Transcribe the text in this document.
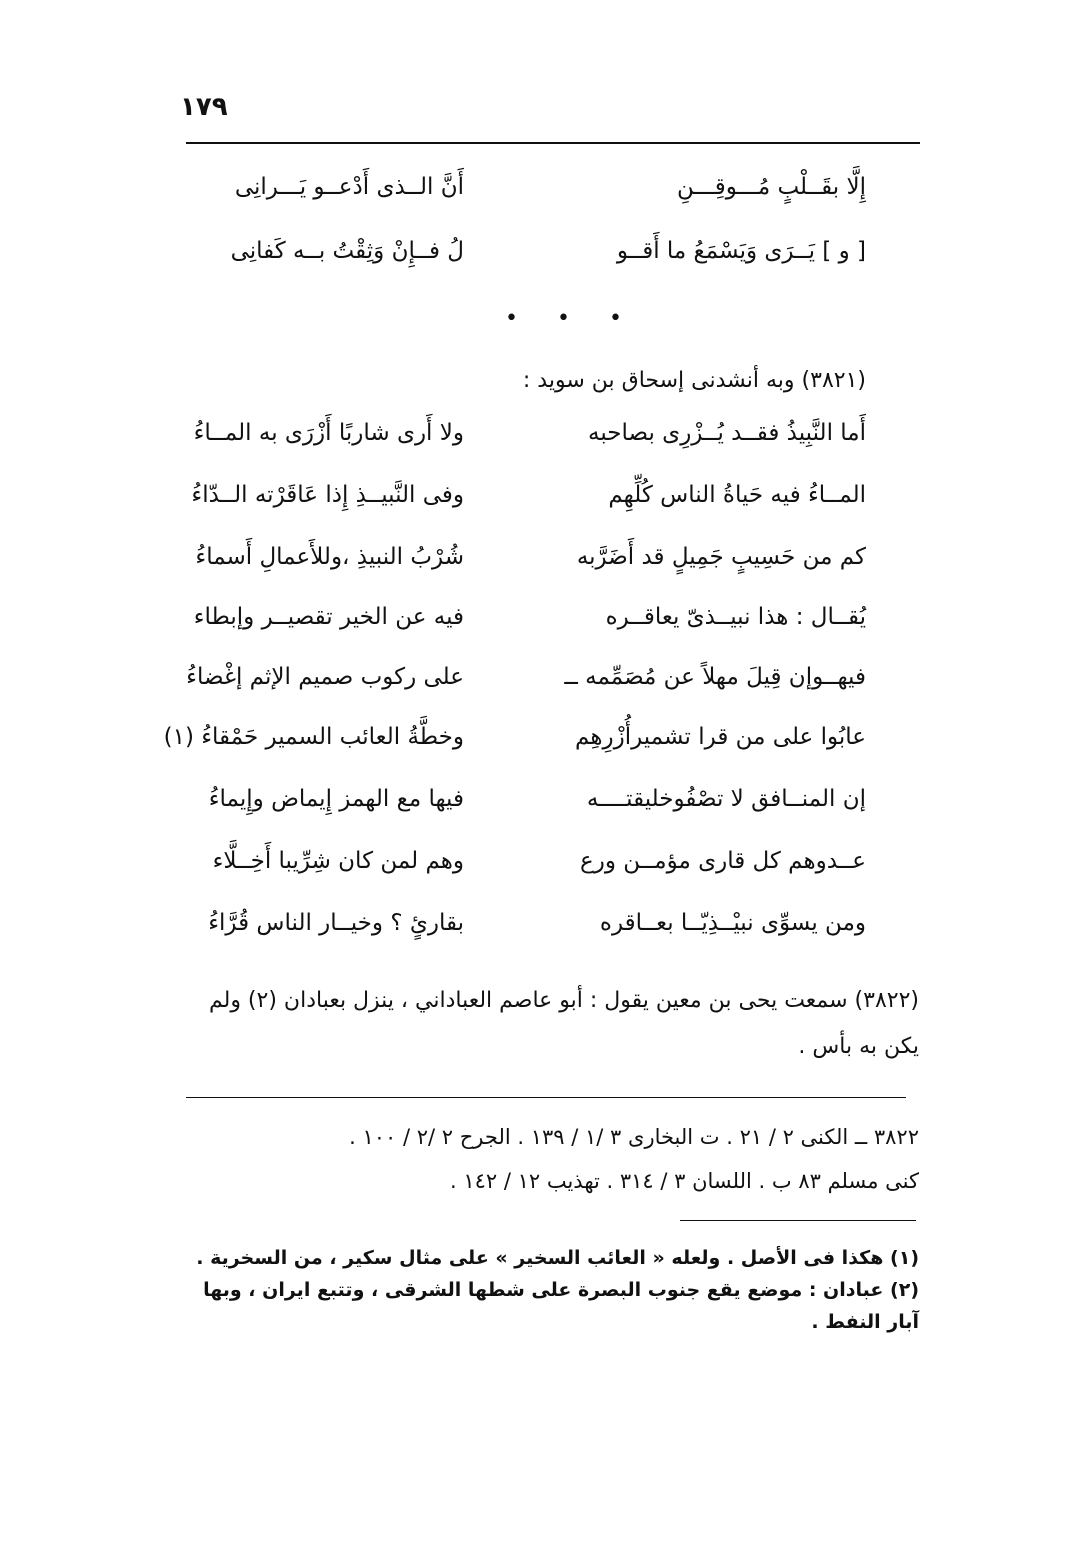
١٧٩
إِلَّا بقَــلْبٍ مُـــوقِـــنِ
أَنَّ الــذى أَدْعــو يَـــرانِى
[ و ] يَــرَى وَيَسْمَعُ ما أَقــو
لُ فــإِنْ وَثِقْتُ بــه كَفانِى
• • •
(٣٨٢١) وبه أنشدنى إسحاق بن سويد :
أَما النَّبِيذُ فقــد يُــزْرِى بصاحبه
ولا أَرى شاربًا أَزْرَى به المــاءُ
المــاءُ فيه حَياةُ الناس كُلِّهِم
وفى النَّبيــذِ إِذا عَاقَرْته الــدّاءُ
كم من حَسِيبٍ جَمِيلٍ قد أَضَرَّبه
شُرْبُ النبيذِ ،وللأَعمالِ أَسماءُ
يُقــال : هذا نبيــذىّ يعاقــره
فيه عن الخير تقصيــر وإبطاء
فيهــوإن قِيلَ مهلاً عن مُصَمِّمه ــ
على ركوب صميم الإثم إغْضاءُ
عابُوا على من قرا تشميرأُزْرِهِم
وخطَّةُ العائب السمير حَمْقاءُ (١)
إن المنــافق لا تصْفُوخليقتــــه
فيها مع الهمز إِيماض وإِيماءُ
عــدوهم كل قارى مؤمــن ورع
وهم لمن كان شِرِّيبا أَخِــلَّاء
ومن يسوِّى نبيْــذِيّــا بعــاقره
بقارئٍ ؟ وخيــار الناس قُرَّاءُ
(٣٨٢٢) سمعت يحى بن معين يقول : أبو عاصم العباداني ، ينزل بعبادان (٢) ولم يكن به بأس .
٣٨٢٢ ــ الكنى ٢ / ٢١ . ت البخارى ٣ /١ / ١٣٩ . الجرح ٢ /٢ / ١٠٠ .
كنى مسلم ٨٣ ب . اللسان ٣ / ٣١٤ . تهذيب ١٢ / ١٤٢ .
(١) هكذا فى الأصل . ولعله « العائب السخير » على مثال سكير ، من السخرية .
(٢) عبادان : موضع يقع جنوب البصرة على شطها الشرقى ، وتتبع ايران ، وبها آبار النفط .
